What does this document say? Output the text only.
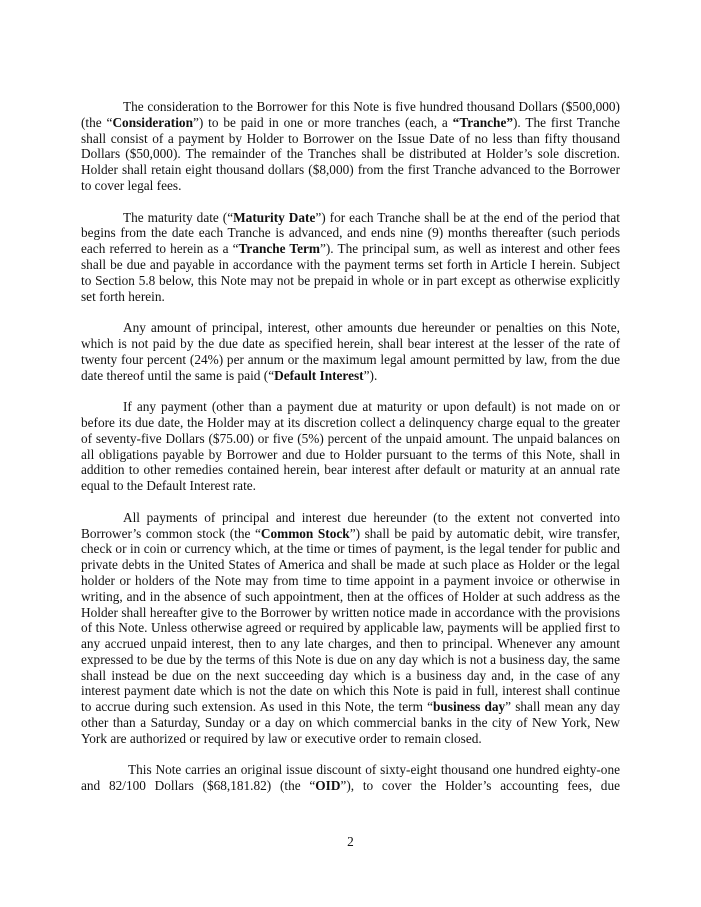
The consideration to the Borrower for this Note is five hundred thousand Dollars ($500,000) (the “Consideration”) to be paid in one or more tranches (each, a “Tranche”). The first Tranche shall consist of a payment by Holder to Borrower on the Issue Date of no less than fifty thousand Dollars ($50,000). The remainder of the Tranches shall be distributed at Holder’s sole discretion. Holder shall retain eight thousand dollars ($8,000) from the first Tranche advanced to the Borrower to cover legal fees.

The maturity date (“Maturity Date”) for each Tranche shall be at the end of the period that begins from the date each Tranche is advanced, and ends nine (9) months thereafter (such periods each referred to herein as a “Tranche Term”). The principal sum, as well as interest and other fees shall be due and payable in accordance with the payment terms set forth in Article I herein. Subject to Section 5.8 below, this Note may not be prepaid in whole or in part except as otherwise explicitly set forth herein.

Any amount of principal, interest, other amounts due hereunder or penalties on this Note, which is not paid by the due date as specified herein, shall bear interest at the lesser of the rate of twenty four percent (24%) per annum or the maximum legal amount permitted by law, from the due date thereof until the same is paid (“Default Interest”).

If any payment (other than a payment due at maturity or upon default) is not made on or before its due date, the Holder may at its discretion collect a delinquency charge equal to the greater of seventy-five Dollars ($75.00) or five (5%) percent of the unpaid amount. The unpaid balances on all obligations payable by Borrower and due to Holder pursuant to the terms of this Note, shall in addition to other remedies contained herein, bear interest after default or maturity at an annual rate equal to the Default Interest rate.

All payments of principal and interest due hereunder (to the extent not converted into Borrower’s common stock (the “Common Stock”) shall be paid by automatic debit, wire transfer, check or in coin or currency which, at the time or times of payment, is the legal tender for public and private debts in the United States of America and shall be made at such place as Holder or the legal holder or holders of the Note may from time to time appoint in a payment invoice or otherwise in writing, and in the absence of such appointment, then at the offices of Holder at such address as the Holder shall hereafter give to the Borrower by written notice made in accordance with the provisions of this Note. Unless otherwise agreed or required by applicable law, payments will be applied first to any accrued unpaid interest, then to any late charges, and then to principal. Whenever any amount expressed to be due by the terms of this Note is due on any day which is not a business day, the same shall instead be due on the next succeeding day which is a business day and, in the case of any interest payment date which is not the date on which this Note is paid in full, interest shall continue to accrue during such extension. As used in this Note, the term “business day” shall mean any day other than a Saturday, Sunday or a day on which commercial banks in the city of New York, New York are authorized or required by law or executive order to remain closed.

This Note carries an original issue discount of sixty-eight thousand one hundred eighty-one and 82/100 Dollars ($68,181.82) (the “OID”), to cover the Holder’s accounting fees, due

2
